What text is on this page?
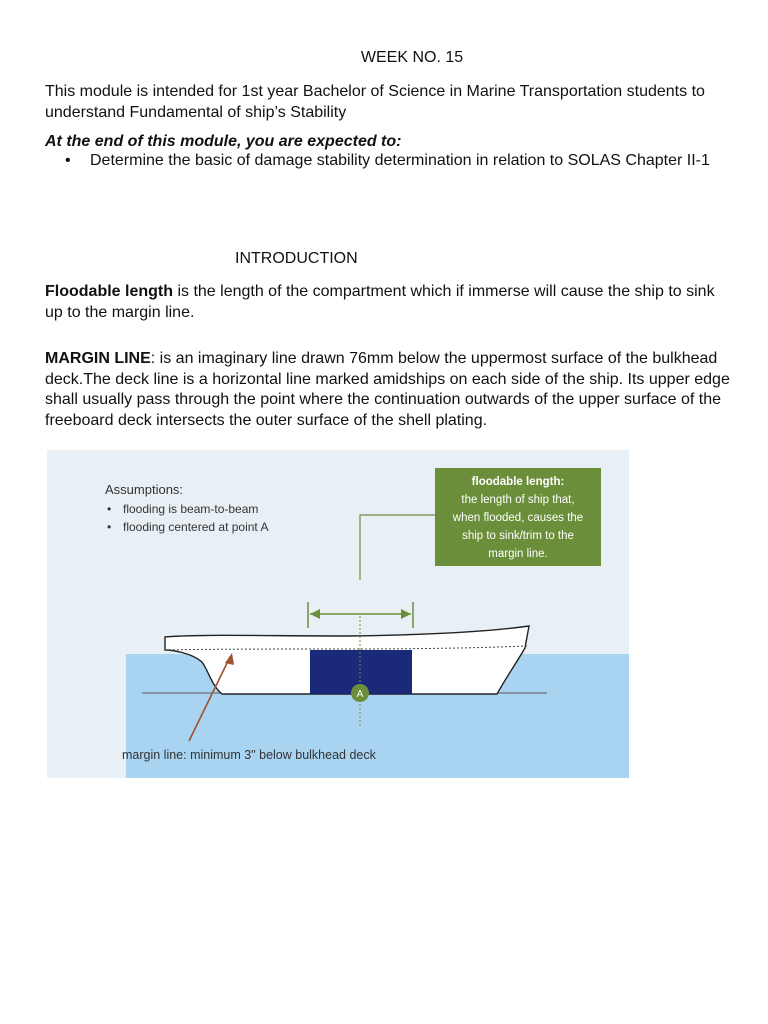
WEEK NO. 15

This module is intended for 1st year Bachelor of Science in Marine Transportation students to understand Fundamental of ship’s Stability

At the end of this module, you are expected to:

• Determine the basic of damage stability determination in relation to SOLAS Chapter II-1
INTRODUCTION

Floodable length is the length of the compartment which if immerse will cause the ship to sink up to the margin line.

MARGIN LINE: is an imaginary line drawn 76mm below the uppermost surface of the bulkhead deck.The deck line is a horizontal line marked amidships on each side of the ship. Its upper edge shall usually pass through the point where the continuation outwards of the upper surface of the freeboard deck intersects the outer surface of the shell plating.

floodable length:
the length of ship that,
when flooded, causes the
ship to sink/trim to the
margin line.
A
Assumptions:
• flooding is beam-to-beam
• flooding centered at point A
margin line: minimum 3" below bulkhead deck
